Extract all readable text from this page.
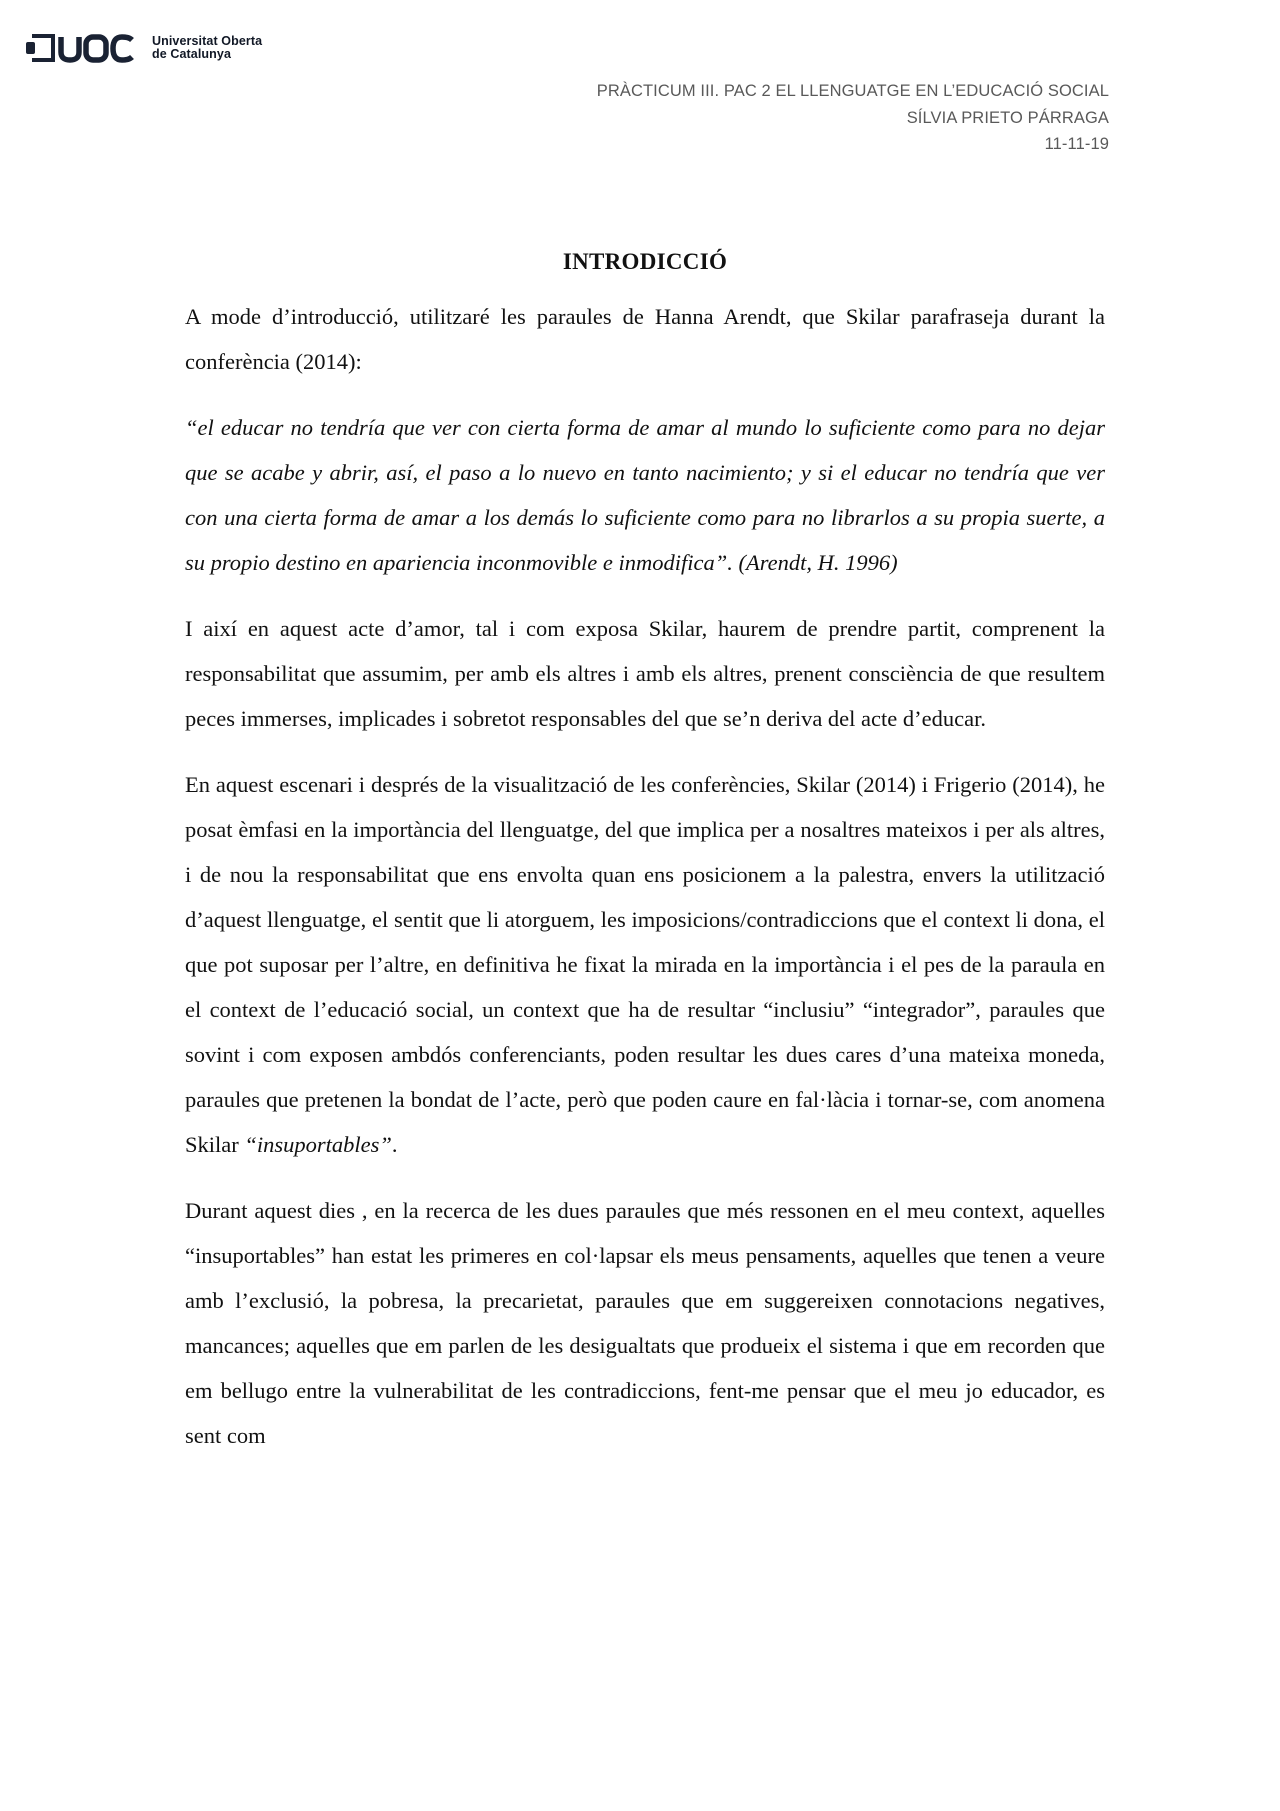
Universitat Oberta
de Catalunya
PRÀCTICUM III. PAC 2 EL LLENGUATGE EN L’EDUCACIÓ SOCIAL
SÍLVIA PRIETO PÁRRAGA
11-11-19
INTRODICCIÓ

A mode d’introducció, utilitzaré les paraules de Hanna Arendt, que Skilar parafraseja durant la conferència (2014):

“el educar no tendría que ver con cierta forma de amar al mundo lo suficiente como para no dejar que se acabe y abrir, así, el paso a lo nuevo en tanto nacimiento; y si el educar no tendría que ver con una cierta forma de amar a los demás lo suficiente como para no librarlos a su propia suerte, a su propio destino en apariencia inconmovible e inmodifica”. (Arendt, H. 1996)

I així en aquest acte d’amor, tal i com exposa Skilar, haurem de prendre partit, comprenent la responsabilitat que assumim, per amb els altres i amb els altres, prenent consciència de que resultem peces immerses, implicades i sobretot responsables del que se’n deriva del acte d’educar.

En aquest escenari i després de la visualització de les conferències, Skilar (2014) i Frigerio (2014), he posat èmfasi en la importància del llenguatge, del que implica per a nosaltres mateixos i per als altres, i de nou la responsabilitat que ens envolta quan ens posicionem a la palestra, envers la utilització d’aquest llenguatge, el sentit que li atorguem, les imposicions/contradiccions que el context li dona, el que pot suposar per l’altre, en definitiva he fixat la mirada en la importància i el pes de la paraula en el context de l’educació social, un context que ha de resultar “inclusiu” “integrador”, paraules que sovint i com exposen ambdós conferenciants, poden resultar les dues cares d’una mateixa moneda, paraules que pretenen la bondat de l’acte, però que poden caure en fal·làcia i tornar-se, com anomena Skilar “insuportables”.

Durant aquest dies , en la recerca de les dues paraules que més ressonen en el meu context, aquelles “insuportables” han estat les primeres en col·lapsar els meus pensaments, aquelles que tenen a veure amb l’exclusió, la pobresa, la precarietat, paraules que em suggereixen connotacions negatives, mancances; aquelles que em parlen de les desigualtats que produeix el sistema i que em recorden que em bellugo entre la vulnerabilitat de les contradiccions, fent-me pensar que el meu jo educador, es sent com
